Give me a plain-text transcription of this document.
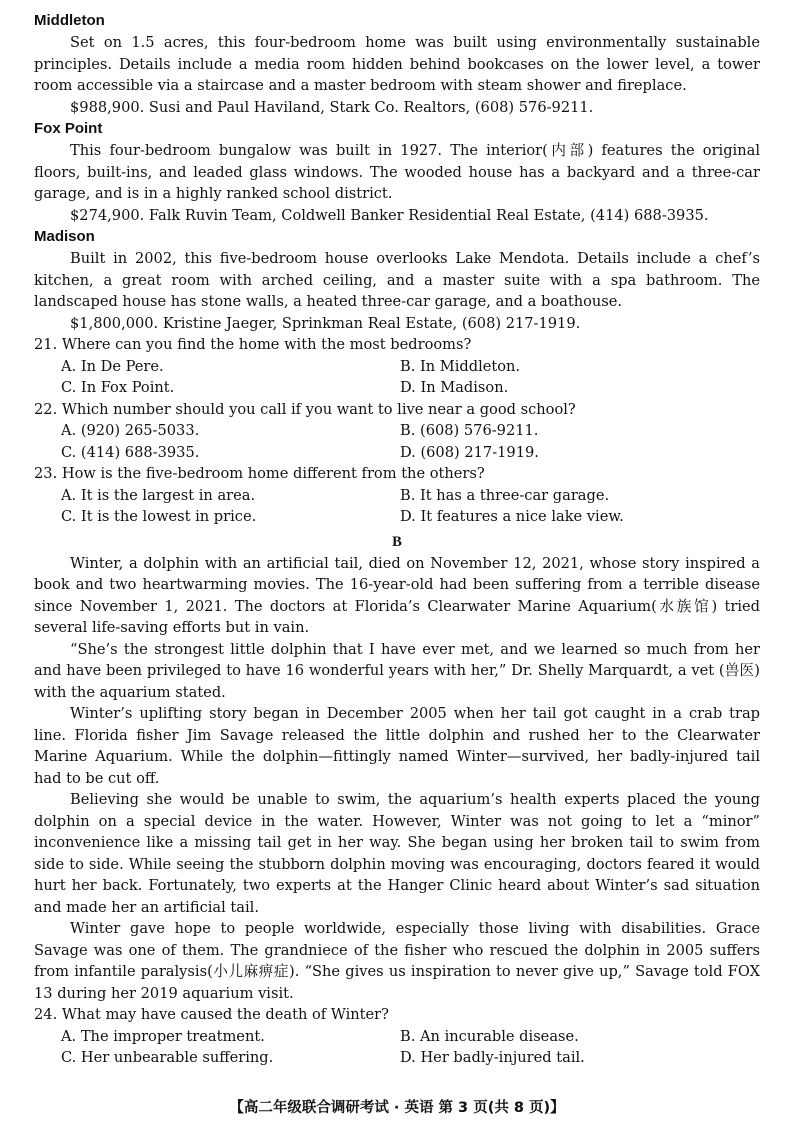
Middleton

Set on 1.5 acres, this four-bedroom home was built using environmentally sustainable principles. Details include a media room hidden behind bookcases on the lower level, a tower room accessible via a staircase and a master bedroom with steam shower and fireplace.

$988,900. Susi and Paul Haviland, Stark Co. Realtors, (608) 576-9211.

Fox Point

This four-bedroom bungalow was built in 1927. The interior(内部) features the original floors, built-ins, and leaded glass windows. The wooded house has a backyard and a three-car garage, and is in a highly ranked school district.

$274,900. Falk Ruvin Team, Coldwell Banker Residential Real Estate, (414) 688-3935.

Madison

Built in 2002, this five-bedroom house overlooks Lake Mendota. Details include a chef’s kitchen, a great room with arched ceiling, and a master suite with a spa bathroom. The landscaped house has stone walls, a heated three-car garage, and a boathouse.

$1,800,000. Kristine Jaeger, Sprinkman Real Estate, (608) 217-1919.

21. Where can you find the home with the most bedrooms?

A. In De Pere.	B. In Middleton.
C. In Fox Point.	D. In Madison.

22. Which number should you call if you want to live near a good school?

A. (920) 265-5033.	B. (608) 576-9211.
C. (414) 688-3935.	D. (608) 217-1919.

23. How is the five-bedroom home different from the others?

A. It is the largest in area.	B. It has a three-car garage.
C. It is the lowest in price.	D. It features a nice lake view.
B

Winter, a dolphin with an artificial tail, died on November 12, 2021, whose story inspired a book and two heartwarming movies. The 16-year-old had been suffering from a terrible disease since November 1, 2021. The doctors at Florida’s Clearwater Marine Aquarium(水族馆) tried several life-saving efforts but in vain.

“She’s the strongest little dolphin that I have ever met, and we learned so much from her and have been privileged to have 16 wonderful years with her,” Dr. Shelly Marquardt, a vet (兽医) with the aquarium stated.

Winter’s uplifting story began in December 2005 when her tail got caught in a crab trap line. Florida fisher Jim Savage released the little dolphin and rushed her to the Clearwater Marine Aquarium. While the dolphin—fittingly named Winter—survived, her badly-injured tail had to be cut off.

Believing she would be unable to swim, the aquarium’s health experts placed the young dolphin on a special device in the water. However, Winter was not going to let a “minor” inconvenience like a missing tail get in her way. She began using her broken tail to swim from side to side. While seeing the stubborn dolphin moving was encouraging, doctors feared it would hurt her back. Fortunately, two experts at the Hanger Clinic heard about Winter’s sad situation and made her an artificial tail.

Winter gave hope to people worldwide, especially those living with disabilities. Grace Savage was one of them. The grandniece of the fisher who rescued the dolphin in 2005 suffers from infantile paralysis(小儿麻痹症). “She gives us inspiration to never give up,” Savage told FOX 13 during her 2019 aquarium visit.

24. What may have caused the death of Winter?

A. The improper treatment.	B. An incurable disease.
C. Her unbearable suffering.	D. Her badly-injured tail.
【高二年级联合调研考试 · 英语 第 3 页(共 8 页)】
